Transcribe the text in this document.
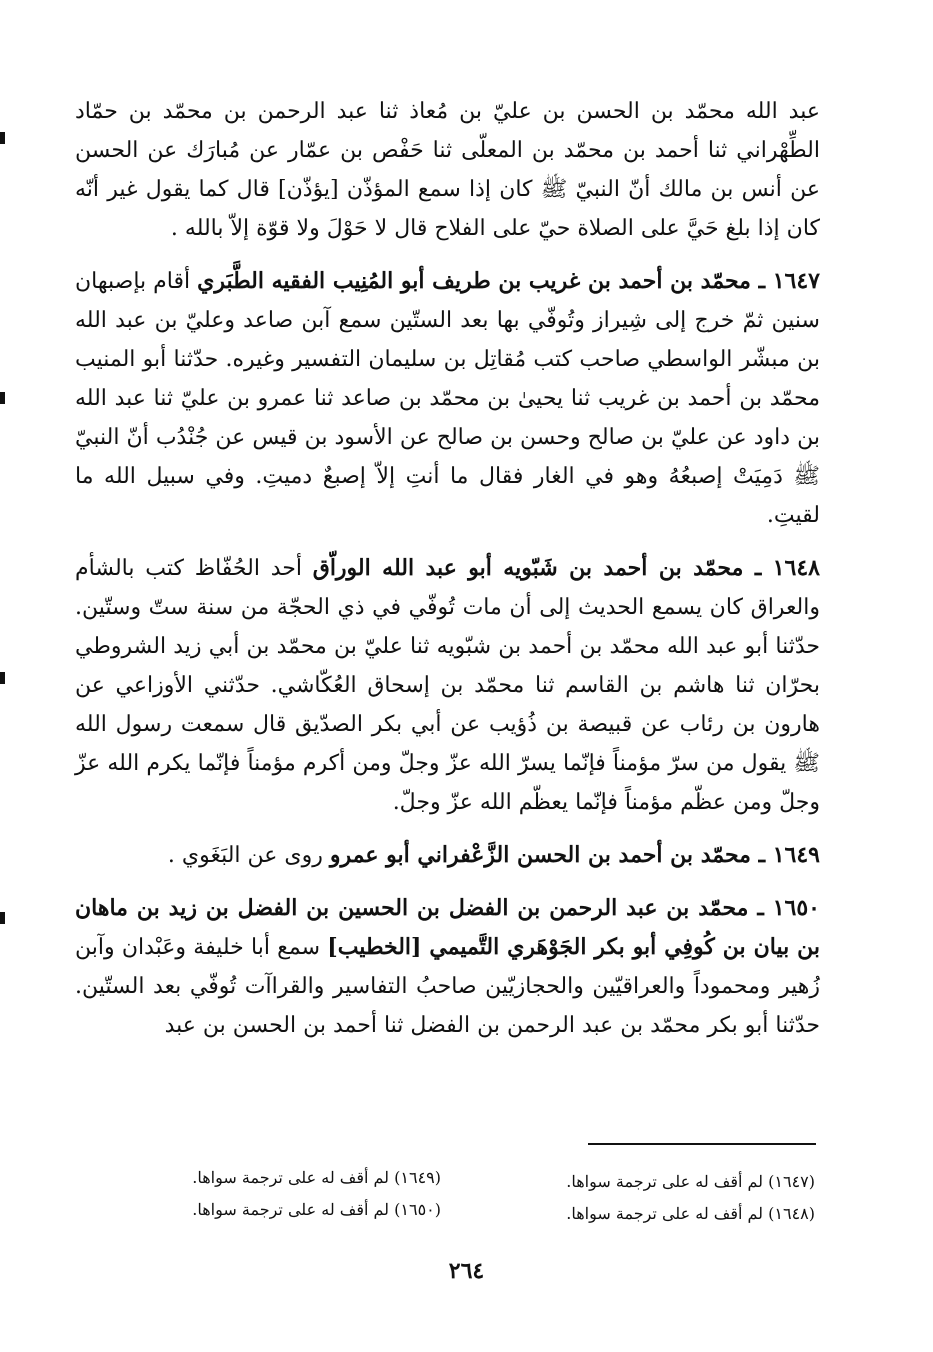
عبد الله محمّد بن الحسن بن عليّ بن مُعاذ ثنا عبد الرحمن بن محمّد بن حمّاد الطِّهْراني ثنا أحمد بن محمّد بن المعلّى ثنا حَفْص بن عمّار عن مُبارَك عن الحسن عن أنس بن مالك أنّ النبيّ ﷺ كان إذا سمع المؤذّن [يؤذّن] قال كما يقول غير أنّه كان إذا بلغ حَيَّ على الصلاة حيّ على الفلاح قال لا حَوْلَ ولا قوّة إلاّ بالله .

١٦٤٧ ـ محمّد بن أحمد بن غريب بن طريف أبو المُنِيب الفقيه الطَّبَري أقام بإصبهان سنين ثمّ خرج إلى شِيراز وتُوفّي بها بعد الستّين سمع آبن صاعد وعليّ بن عبد الله بن مبشّر الواسطي صاحب كتب مُقاتِل بن سليمان التفسير وغيره. حدّثنا أبو المنيب محمّد بن أحمد بن غريب ثنا يحيىٰ بن محمّد بن صاعد ثنا عمرو بن عليّ ثنا عبد الله بن داود عن عليّ بن صالح وحسن بن صالح عن الأسود بن قيس عن جُنْدُب أنّ النبيّ ﷺ دَمِيَتْ إصبعُهُ وهو في الغار فقال ما أنتِ إلاّ إصبعٌ دميتِ. وفي سبيل الله ما لقيتِ.

١٦٤٨ ـ محمّد بن أحمد بن شَبّويه أبو عبد الله الوراّق أحد الحُفّاظ كتب بالشأم والعراق كان يسمع الحديث إلى أن مات تُوفّي في ذي الحجّة من سنة ستّ وستّين. حدّثنا أبو عبد الله محمّد بن أحمد بن شبّويه ثنا عليّ بن محمّد بن أبي زيد الشروطي بحرّان ثنا هاشم بن القاسم ثنا محمّد بن إسحاق العُكّاشي. حدّثني الأوزاعي عن هارون بن رئاب عن قبيصة بن ذُؤيب عن أبي بكر الصدّيق قال سمعت رسول الله ﷺ يقول من سرّ مؤمناً فإنّما يسرّ الله عزّ وجلّ ومن أكرم مؤمناً فإنّما يكرم الله عزّ وجلّ ومن عظّم مؤمناً فإنّما يعظّم الله عزّ وجلّ.

١٦٤٩ ـ محمّد بن أحمد بن الحسن الزَّعْفراني أبو عمرو روى عن البَغَوي .

١٦٥٠ ـ محمّد بن عبد الرحمن بن الفضل بن الحسين بن الفضل بن زيد بن ماهان بن بيان بن كُوفِي أبو بكر الجَوْهَري التَّميمي [الخطيب] سمع أبا خليفة وعَبْدان وآبن زُهير ومحموداً والعراقيّين والحجازيّين صاحبُ التفاسير والقراآت تُوفّي بعد الستّين. حدّثنا أبو بكر محمّد بن عبد الرحمن بن الفضل ثنا أحمد بن الحسن بن عبد

(١٦٤٧) لم أقف له على ترجمة سواها.
(١٦٤٨) لم أقف له على ترجمة سواها.
(١٦٤٩) لم أقف له على ترجمة سواها.
(١٦٥٠) لم أقف له على ترجمة سواها.
٢٦٤
